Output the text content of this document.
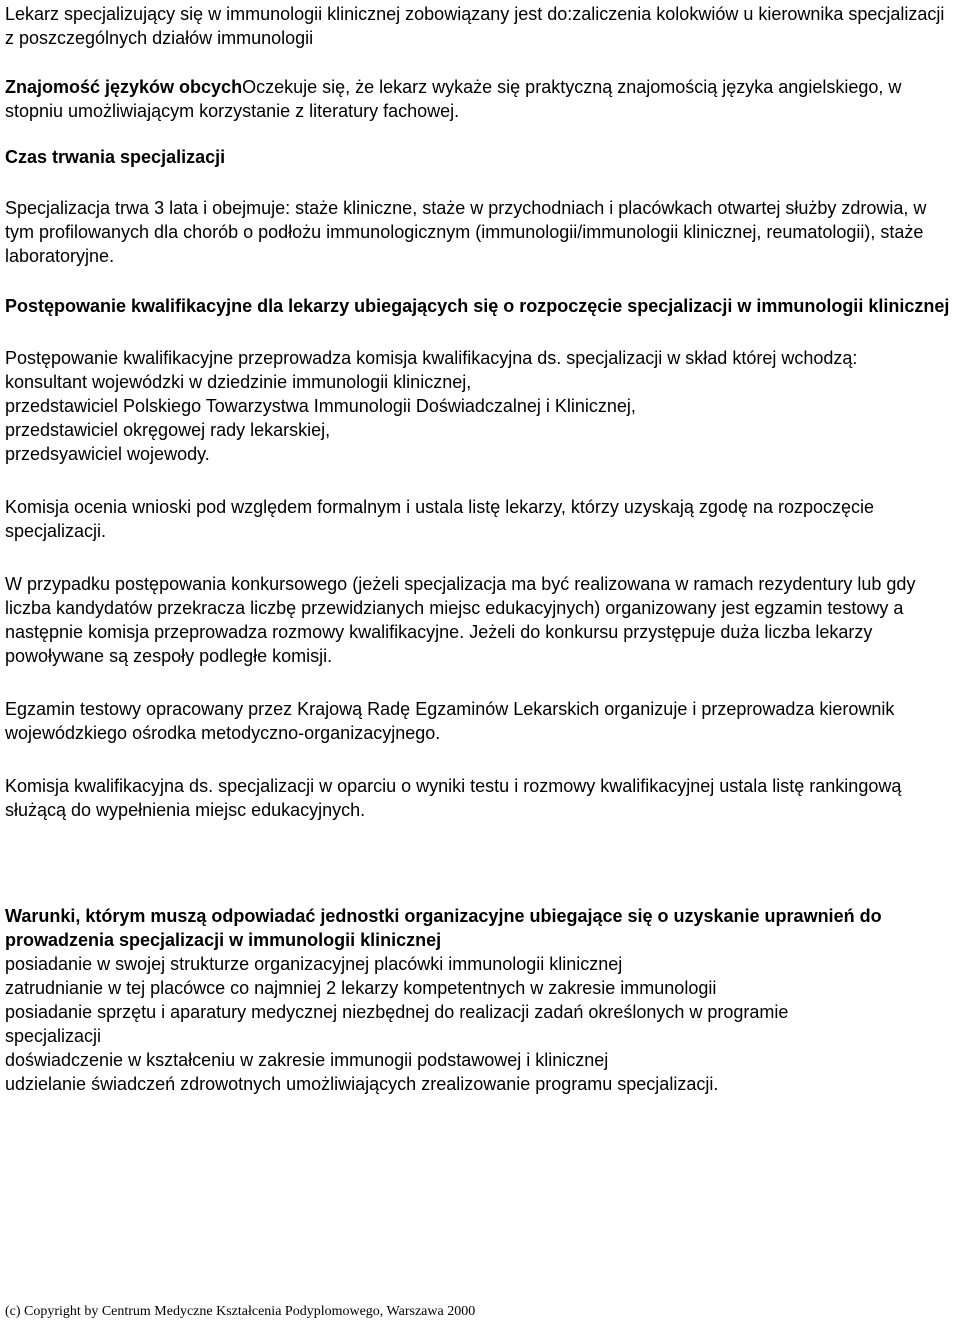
Lekarz specjalizujący się w immunologii klinicznej zobowiązany jest do:zaliczenia kolokwiów u kierownika specjalizacji z poszczególnych działów immunologii

Znajomość języków obcychOczekuje się, że lekarz wykaże się praktyczną znajomością języka angielskiego, w stopniu umożliwiającym korzystanie z literatury fachowej.

Czas trwania specjalizacji

Specjalizacja trwa 3 lata i obejmuje: staże kliniczne, staże w przychodniach i placówkach otwartej służby zdrowia, w tym profilowanych dla chorób o podłożu immunologicznym (immunologii/immunologii klinicznej, reumatologii), staże laboratoryjne.

Postępowanie kwalifikacyjne dla lekarzy ubiegających się o rozpoczęcie specjalizacji w immunologii klinicznej

Postępowanie kwalifikacyjne przeprowadza komisja kwalifikacyjna ds. specjalizacji w skład której wchodzą:

konsultant wojewódzki w dziedzinie immunologii klinicznej,
przedstawiciel Polskiego Towarzystwa Immunologii Doświadczalnej i Klinicznej,
przedstawiciel okręgowej rady lekarskiej,
przedsyawiciel wojewody.

Komisja ocenia wnioski pod względem formalnym i ustala listę lekarzy, którzy uzyskają zgodę na rozpoczęcie specjalizacji.

W przypadku postępowania konkursowego (jeżeli specjalizacja ma być realizowana w ramach rezydentury lub gdy liczba kandydatów przekracza liczbę przewidzianych miejsc edukacyjnych) organizowany jest egzamin testowy a następnie komisja przeprowadza rozmowy kwalifikacyjne. Jeżeli do konkursu przystępuje duża liczba lekarzy powoływane są zespoły podległe komisji.

Egzamin testowy opracowany przez Krajową Radę Egzaminów Lekarskich organizuje i przeprowadza kierownik wojewódzkiego ośrodka metodyczno-organizacyjnego.

Komisja kwalifikacyjna ds. specjalizacji w oparciu o wyniki testu i rozmowy kwalifikacyjnej ustala listę rankingową służącą do wypełnienia miejsc edukacyjnych.

Warunki, którym muszą odpowiadać jednostki organizacyjne ubiegające się o uzyskanie uprawnień do prowadzenia specjalizacji w immunologii klinicznej

posiadanie w swojej strukturze organizacyjnej placówki immunologii klinicznej
zatrudnianie w tej placówce co najmniej 2 lekarzy kompetentnych w zakresie immunologii
posiadanie sprzętu i aparatury medycznej niezbędnej do realizacji zadań określonych w programie specjalizacji
doświadczenie w kształceniu w zakresie immunogii podstawowej i klinicznej
udzielanie świadczeń zdrowotnych umożliwiających zrealizowanie programu specjalizacji.
(c) Copyright by Centrum Medyczne Kształcenia Podyplomowego, Warszawa 2000
